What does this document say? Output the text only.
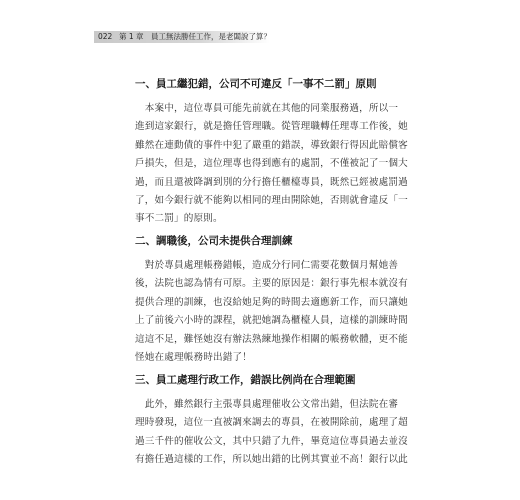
022 第 1 章　員工無法勝任工作，是老闆說了算？
一、員工繼犯錯，公司不可違反「一事不二罰」原則

　本案中，這位專員可能先前就在其他的同業服務過，所以一
進到這家銀行，就是擔任管理職。從管理職轉任理專工作後，她
雖然在連動債的事件中犯了嚴重的錯誤，導致銀行得因此賠償客
戶損失，但是，這位理專也得到應有的處罰，不僅被記了一個大
過，而且還被降調到別的分行擔任櫃檯專員，既然已經被處罰過
了，如今銀行就不能夠以相同的理由開除她，否則就會違反「一
事不二罰」的原則。

二、調職後，公司未提供合理訓練

　對於專員處理帳務錯帳，造成分行同仁需要花數個月幫她善
後，法院也認為情有可原。主要的原因是：銀行事先根本就沒有
提供合理的訓練，也沒給她足夠的時間去適應新工作，而只讓她
上了前後六小時的課程，就把她調為櫃檯人員，這樣的訓練時間
這這不足，難怪她沒有辦法熟練地操作相關的帳務軟體，更不能
怪她在處理帳務時出錯了！

三、員工處理行政工作，錯誤比例尚在合理範圍

　此外，雖然銀行主張專員處理催收公文常出錯，但法院在審
理時發現，這位一直被調來調去的專員，在被開除前，處理了超
過三千件的催收公文，其中只錯了九件，畢竟這位專員過去並沒
有擔任過這樣的工作，所以她出錯的比例其實並不高！銀行以此
